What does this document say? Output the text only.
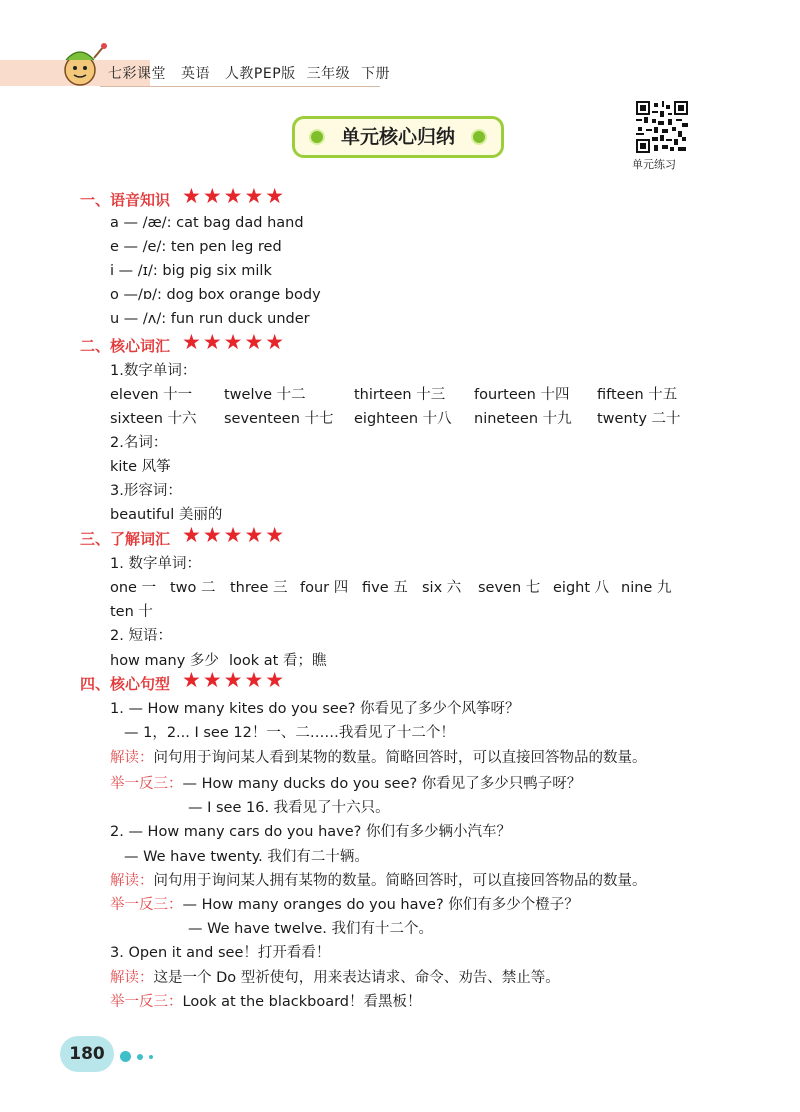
七彩课堂 英语 人教PEP版 三年级 下册
单元核心归纳
单元练习
一、语音知识 ★★★★★
a — /æ/: cat bag dad hand
e — /e/: ten pen leg red
i — /ɪ/: big pig six milk
o —/ɒ/: dog box orange body
u — /ʌ/: fun run duck under
二、核心词汇 ★★★★★
1.数字单词：
eleven 十一 twelve 十二	thirteen 十三 fourteen 十四 fifteen 十五
sixteen 十六 seventeen 十七 eighteen 十八 nineteen 十九 twenty 二十
2.名词：
kite 风筝
3.形容词：
beautiful 美丽的
三、了解词汇 ★★★★★
1. 数字单词：
one 一 two 二 three 三 four 四 five 五 six 六 seven 七 eight 八 nine 九
ten 十
2. 短语：
how many 多少 look at 看；瞧
四、核心句型 ★★★★★
1. — How many kites do you see? 你看见了多少个风筝呀？
— 1，2... I see 12！一、二……我看见了十二个！
解读：问句用于询问某人看到某物的数量。简略回答时，可以直接回答物品的数量。
举一反三：— How many ducks do you see? 你看见了多少只鸭子呀？
— I see 16. 我看见了十六只。
2. — How many cars do you have? 你们有多少辆小汽车？
— We have twenty. 我们有二十辆。
解读：问句用于询问某人拥有某物的数量。简略回答时，可以直接回答物品的数量。
举一反三：— How many oranges do you have? 你们有多少个橙子？
— We have twelve. 我们有十二个。
3. Open it and see！打开看看！
解读：这是一个 Do 型祈使句，用来表达请求、命令、劝告、禁止等。
举一反三：Look at the blackboard！看黑板！
180
